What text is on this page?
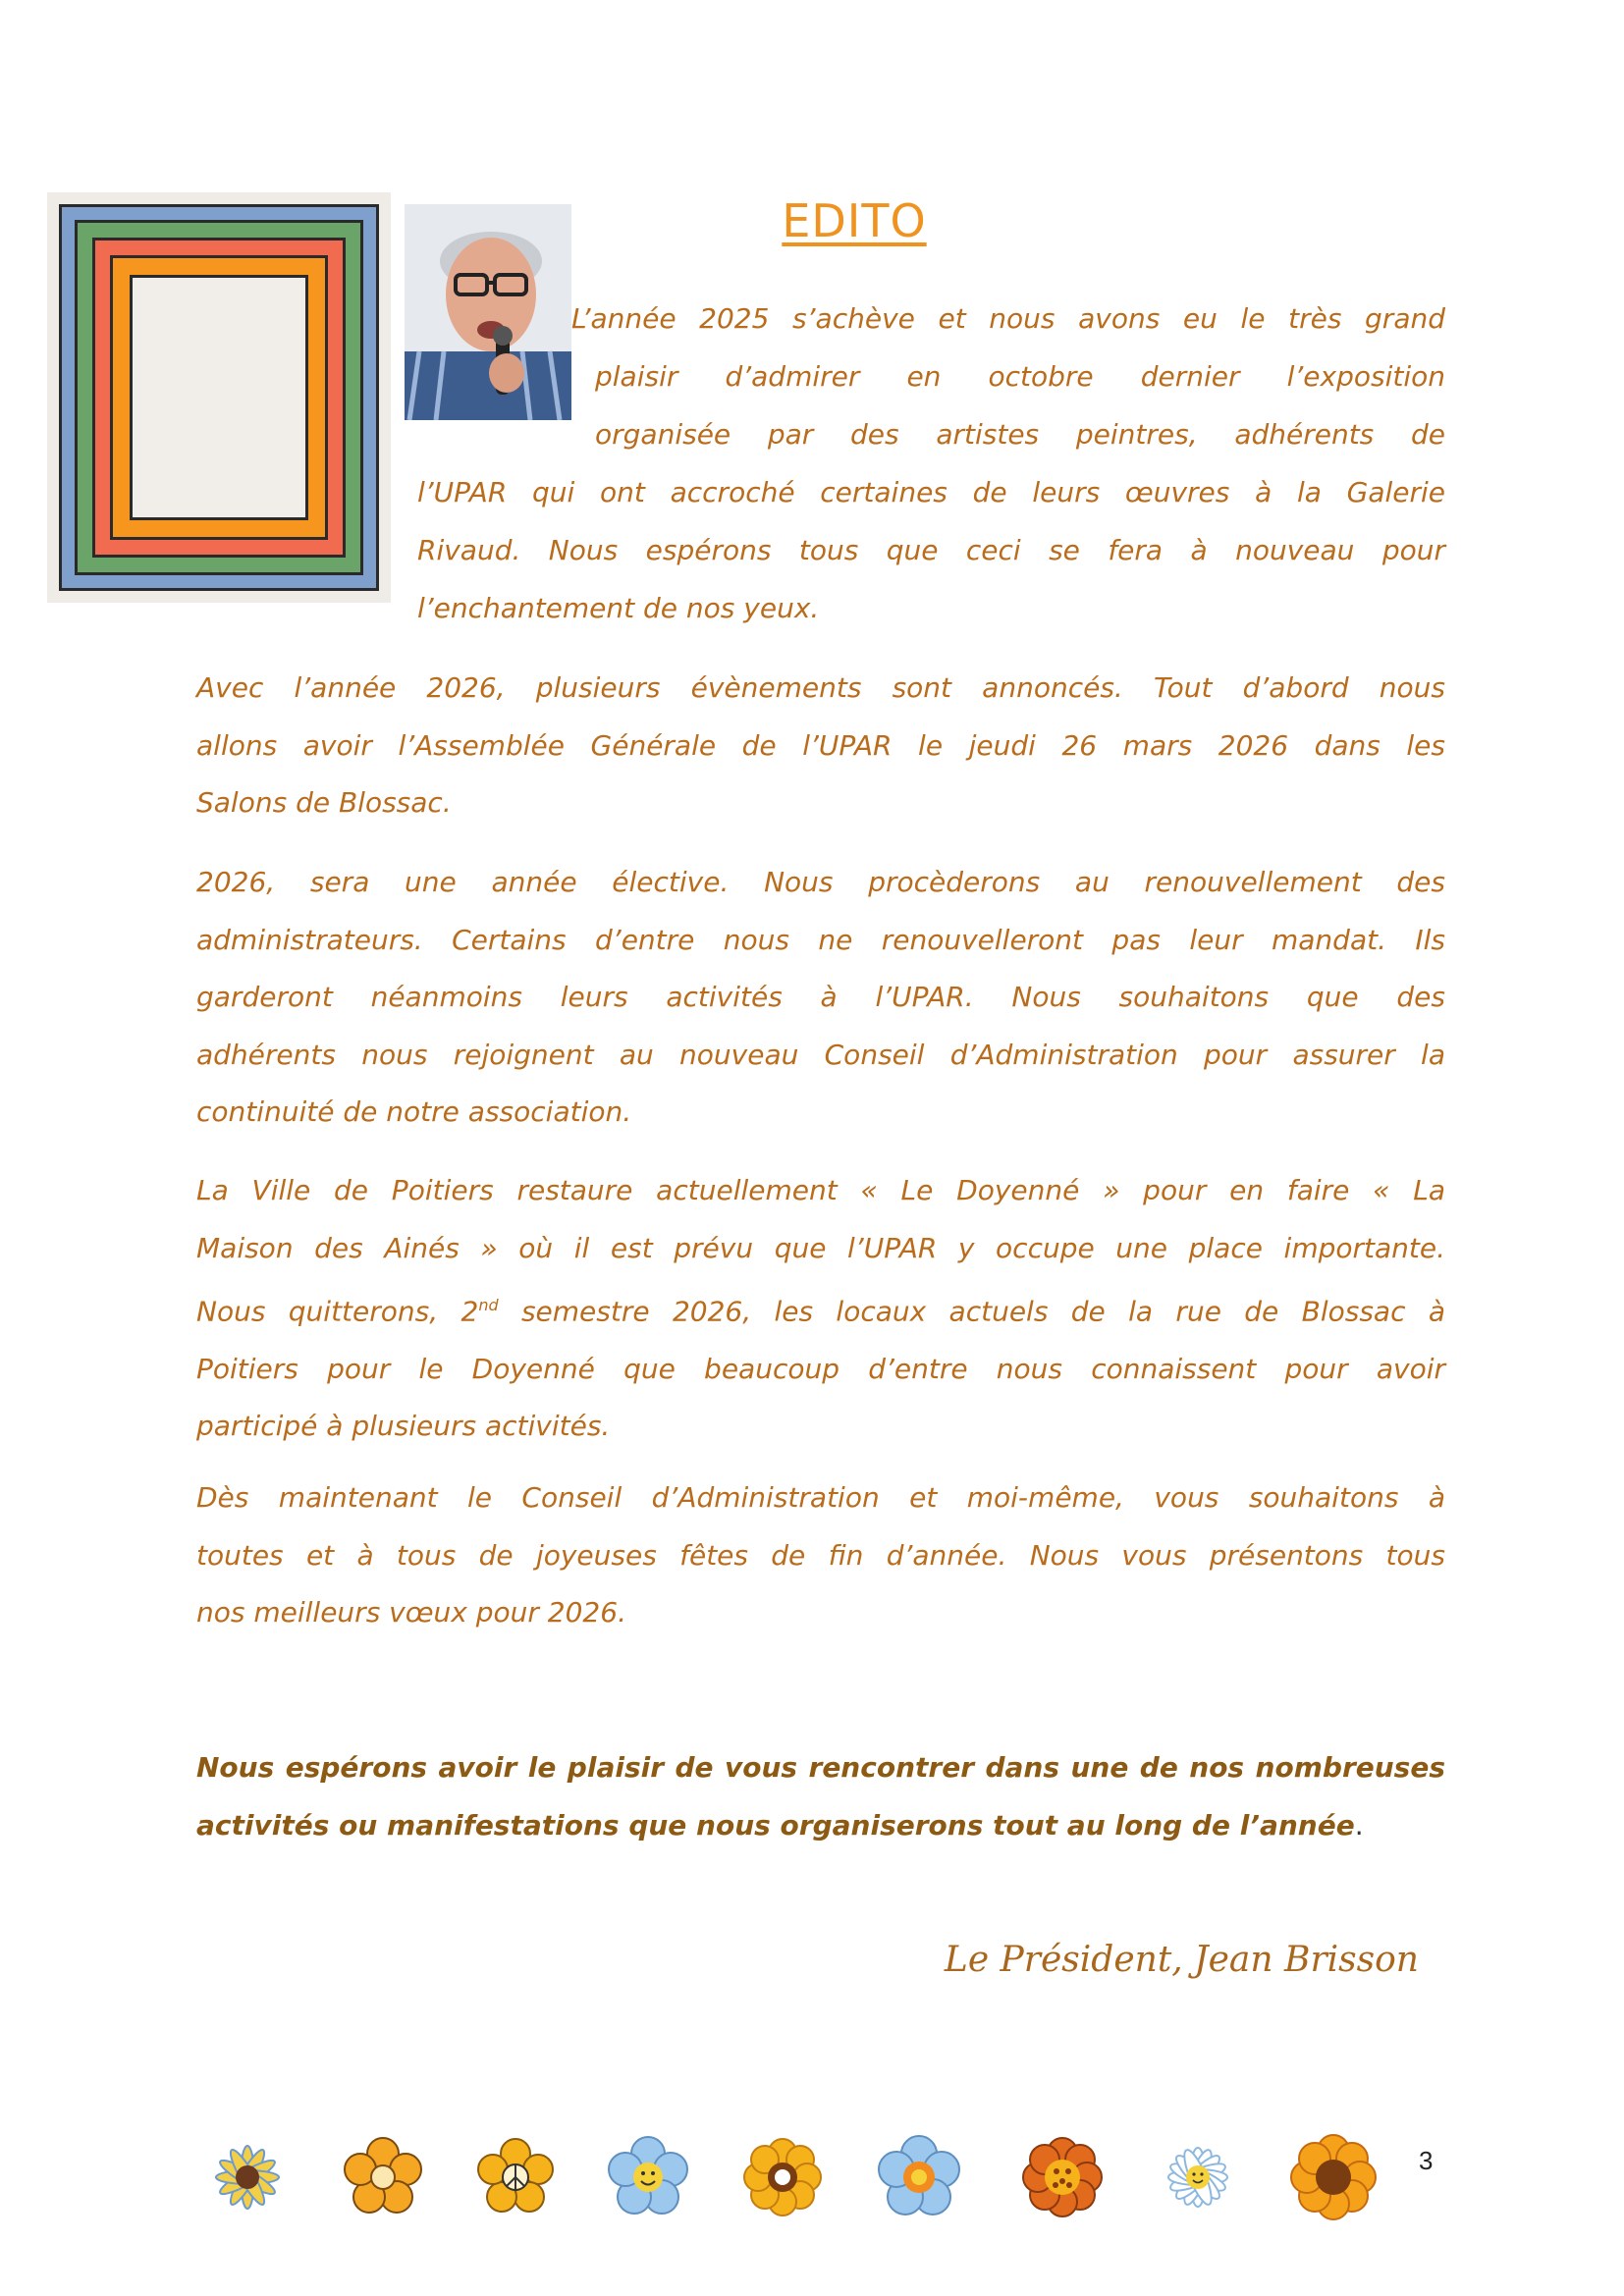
EDITO
L’année 2025 s’achève et nous avons eu le très grand
plaisir d’admirer en octobre dernier l’exposition
organisée par des artistes peintres, adhérents de
l’UPAR qui ont accroché certaines de leurs œuvres à la Galerie
Rivaud. Nous espérons tous que ceci se fera à nouveau pour
l’enchantement de nos yeux.
Avec l’année 2026, plusieurs évènements sont annoncés. Tout d’abord nous
allons avoir l’Assemblée Générale de l’UPAR le jeudi 26 mars 2026 dans les
Salons de Blossac.
2026, sera une année élective. Nous procèderons au renouvellement des
administrateurs. Certains d’entre nous ne renouvelleront pas leur mandat. Ils
garderont néanmoins leurs activités à l’UPAR. Nous souhaitons que des
adhérents nous rejoignent au nouveau Conseil d’Administration pour assurer la
continuité de notre association.
La Ville de Poitiers restaure actuellement « Le Doyenné » pour en faire « La
Maison des Ainés » où il est prévu que l’UPAR y occupe une place importante.
Nous quitterons, 2nd semestre 2026, les locaux actuels de la rue de Blossac à
Poitiers pour le Doyenné que beaucoup d’entre nous connaissent pour avoir
participé à plusieurs activités.
Dès maintenant le Conseil d’Administration et moi-même, vous souhaitons à
toutes et à tous de joyeuses fêtes de fin d’année. Nous vous présentons tous
nos meilleurs vœux pour 2026.
Nous espérons avoir le plaisir de vous rencontrer dans une de nos nombreuses
activités ou manifestations que nous organiserons tout au long de l’année.
Le Président, Jean Brisson
3
